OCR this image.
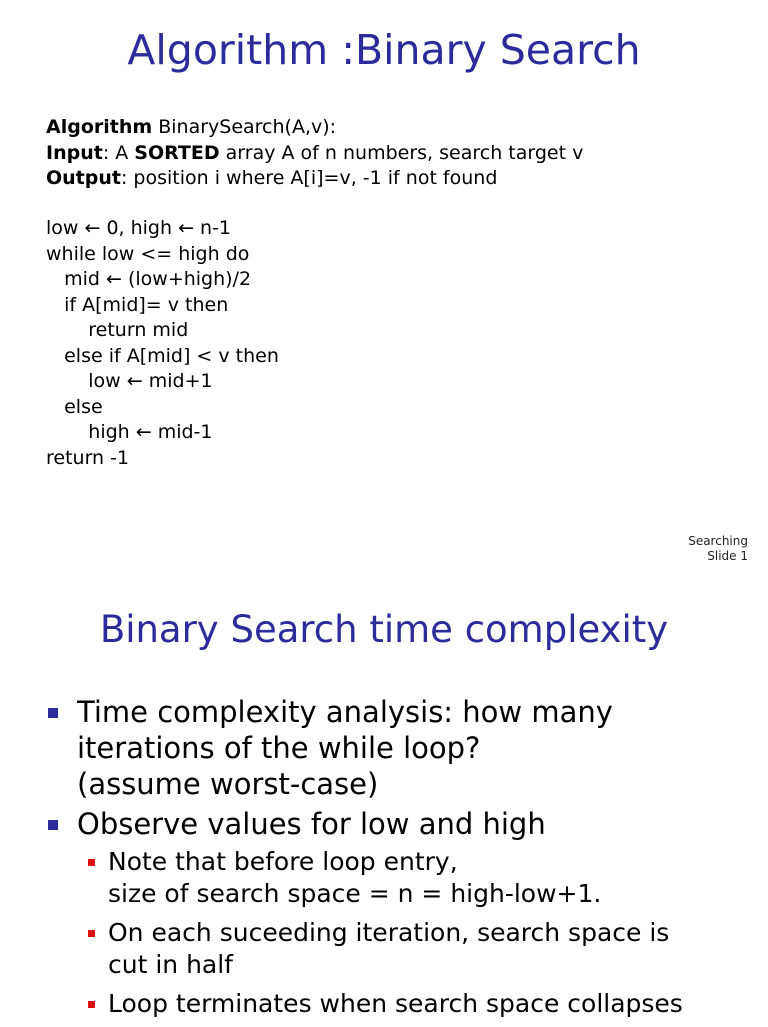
Algorithm :Binary Search
Algorithm BinarySearch(A,v):
Input: A SORTED array A of n numbers, search target v
Output: position i where A[i]=v, -1 if not found
low ← 0, high ← n-1
while low <= high do
mid ← (low+high)/2
if A[mid]= v then
return mid
else if A[mid] < v then
low ← mid+1
else
high ← mid-1
return -1
Searching
Slide 1
Binary Search time complexity
Time complexity analysis: how many
iterations of the while loop?
(assume worst-case)
Observe values for low and high
Note that before loop entry,
size of search space = n = high-low+1.
On each suceeding iteration, search space is
cut in half
Loop terminates when search space collapses
